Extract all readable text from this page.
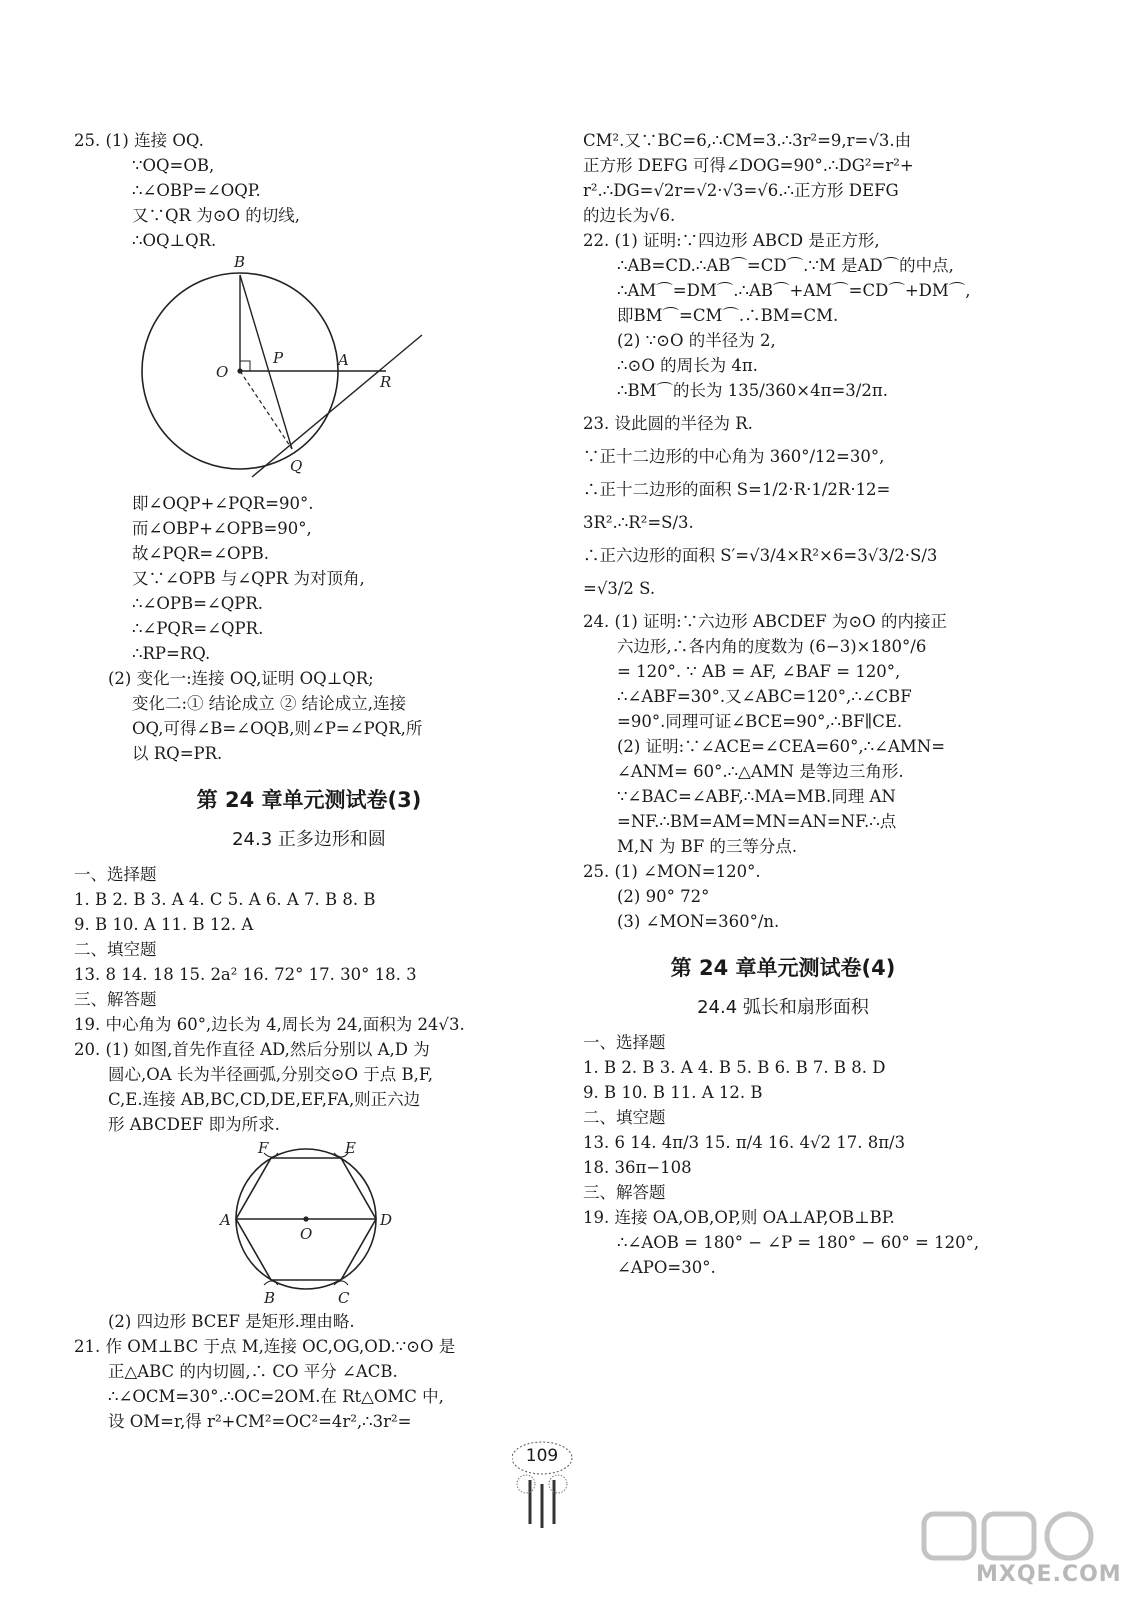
25. (1) 连接 OQ.
∵OQ=OB,
∴∠OBP=∠OQP.
又∵QR 为⊙O 的切线,
∴OQ⊥QR.
B
O
P	A
R
Q
即∠OQP+∠PQR=90°.
而∠OBP+∠OPB=90°,
故∠PQR=∠OPB.
又∵∠OPB 与∠QPR 为对顶角,
∴∠OPB=∠QPR.
∴∠PQR=∠QPR.
∴RP=RQ.
(2) 变化一:连接 OQ,证明 OQ⊥QR;
变化二:① 结论成立 ② 结论成立,连接
OQ,可得∠B=∠OQB,则∠P=∠PQR,所
以 RQ=PR.
第 24 章单元测试卷(3)
24.3 正多边形和圆
一、选择题
1. B 2. B 3. A 4. C 5. A 6. A 7. B 8. B
9. B 10. A 11. B 12. A
二、填空题
13. 8 14. 18 15. 2a² 16. 72° 17. 30° 18. 3
三、解答题
19. 中心角为 60°,边长为 4,周长为 24,面积为 24√3.
20. (1) 如图,首先作直径 AD,然后分别以 A,D 为
圆心,OA 长为半径画弧,分别交⊙O 于点 B,F,
C,E.连接 AB,BC,CD,DE,EF,FA,则正六边
形 ABCDEF 即为所求.
F	E
A	D
O
B	C
(2) 四边形 BCEF 是矩形.理由略.
21. 作 OM⊥BC 于点 M,连接 OC,OG,OD.∵⊙O 是
正△ABC 的内切圆,∴ CO 平分 ∠ACB.
∴∠OCM=30°.∴OC=2OM.在 Rt△OMC 中,
设 OM=r,得 r²+CM²=OC²=4r²,∴3r²=
CM².又∵BC=6,∴CM=3.∴3r²=9,r=√3.由
正方形 DEFG 可得∠DOG=90°.∴DG²=r²+
r².∴DG=√2r=√2·√3=√6.∴正方形 DEFG
的边长为√6.
22. (1) 证明:∵四边形 ABCD 是正方形,
∴AB=CD.∴AB⌒=CD⌒.∵M 是AD⌒的中点,
∴AM⌒=DM⌒.∴AB⌒+AM⌒=CD⌒+DM⌒,
即BM⌒=CM⌒.∴BM=CM.
(2) ∵⊙O 的半径为 2,
∴⊙O 的周长为 4π.
∴BM⌒的长为 135/360×4π=3/2π.
23. 设此圆的半径为 R.
∵正十二边形的中心角为 360°/12=30°,
∴正十二边形的面积 S=1/2·R·1/2R·12=
3R².∴R²=S/3.
∴正六边形的面积 S′=√3/4×R²×6=3√3/2·S/3
=√3/2 S.
24. (1) 证明:∵六边形 ABCDEF 为⊙O 的内接正
六边形,∴各内角的度数为 (6−3)×180°/6
= 120°. ∵ AB = AF, ∠BAF = 120°,
∴∠ABF=30°.又∠ABC=120°,∴∠CBF
=90°.同理可证∠BCE=90°,∴BF∥CE.
(2) 证明:∵∠ACE=∠CEA=60°,∴∠AMN=
∠ANM= 60°.∴△AMN 是等边三角形.
∵∠BAC=∠ABF,∴MA=MB.同理 AN
=NF.∴BM=AM=MN=AN=NF.∴点
M,N 为 BF 的三等分点.
25. (1) ∠MON=120°.
(2) 90° 72°
(3) ∠MON=360°/n.
第 24 章单元测试卷(4)
24.4 弧长和扇形面积
一、选择题
1. B 2. B 3. A 4. B 5. B 6. B 7. B 8. D
9. B 10. B 11. A 12. B
二、填空题
13. 6 14. 4π/3 15. π/4 16. 4√2 17. 8π/3
18. 36π−108
三、解答题
19. 连接 OA,OB,OP,则 OA⊥AP,OB⊥BP.
∴∠AOB = 180° − ∠P = 180° − 60° = 120°,
∠APO=30°.
109
MXQE.COM
